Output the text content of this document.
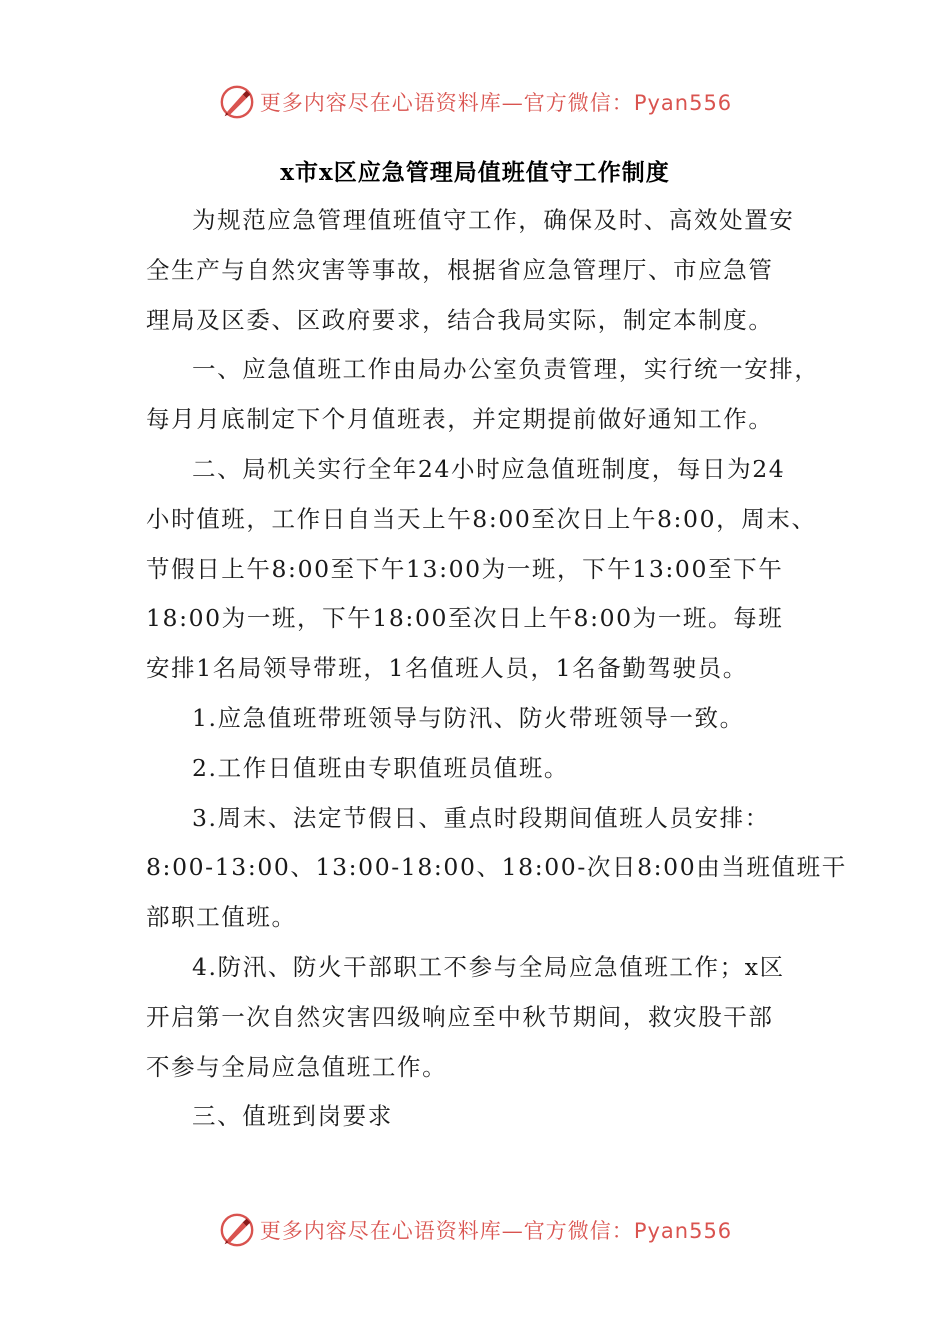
更多内容尽在心语资料库—官方微信：Pyan556
x市x区应急管理局值班值守工作制度
为规范应急管理值班值守工作，确保及时、高效处置安
全生产与自然灾害等事故，根据省应急管理厅、市应急管
理局及区委、区政府要求，结合我局实际，制定本制度。
一、应急值班工作由局办公室负责管理，实行统一安排，
每月月底制定下个月值班表，并定期提前做好通知工作。
二、局机关实行全年24小时应急值班制度，每日为24
小时值班，工作日自当天上午8:00至次日上午8:00，周末、
节假日上午8:00至下午13:00为一班，下午13:00至下午
18:00为一班，下午18:00至次日上午8:00为一班。每班
安排1名局领导带班，1名值班人员，1名备勤驾驶员。
1.应急值班带班领导与防汛、防火带班领导一致。
2.工作日值班由专职值班员值班。
3.周末、法定节假日、重点时段期间值班人员安排：
8:00-13:00、13:00-18:00、18:00-次日8:00由当班值班干
部职工值班。
4.防汛、防火干部职工不参与全局应急值班工作；x区
开启第一次自然灾害四级响应至中秋节期间，救灾股干部
不参与全局应急值班工作。
三、值班到岗要求
更多内容尽在心语资料库—官方微信：Pyan556
